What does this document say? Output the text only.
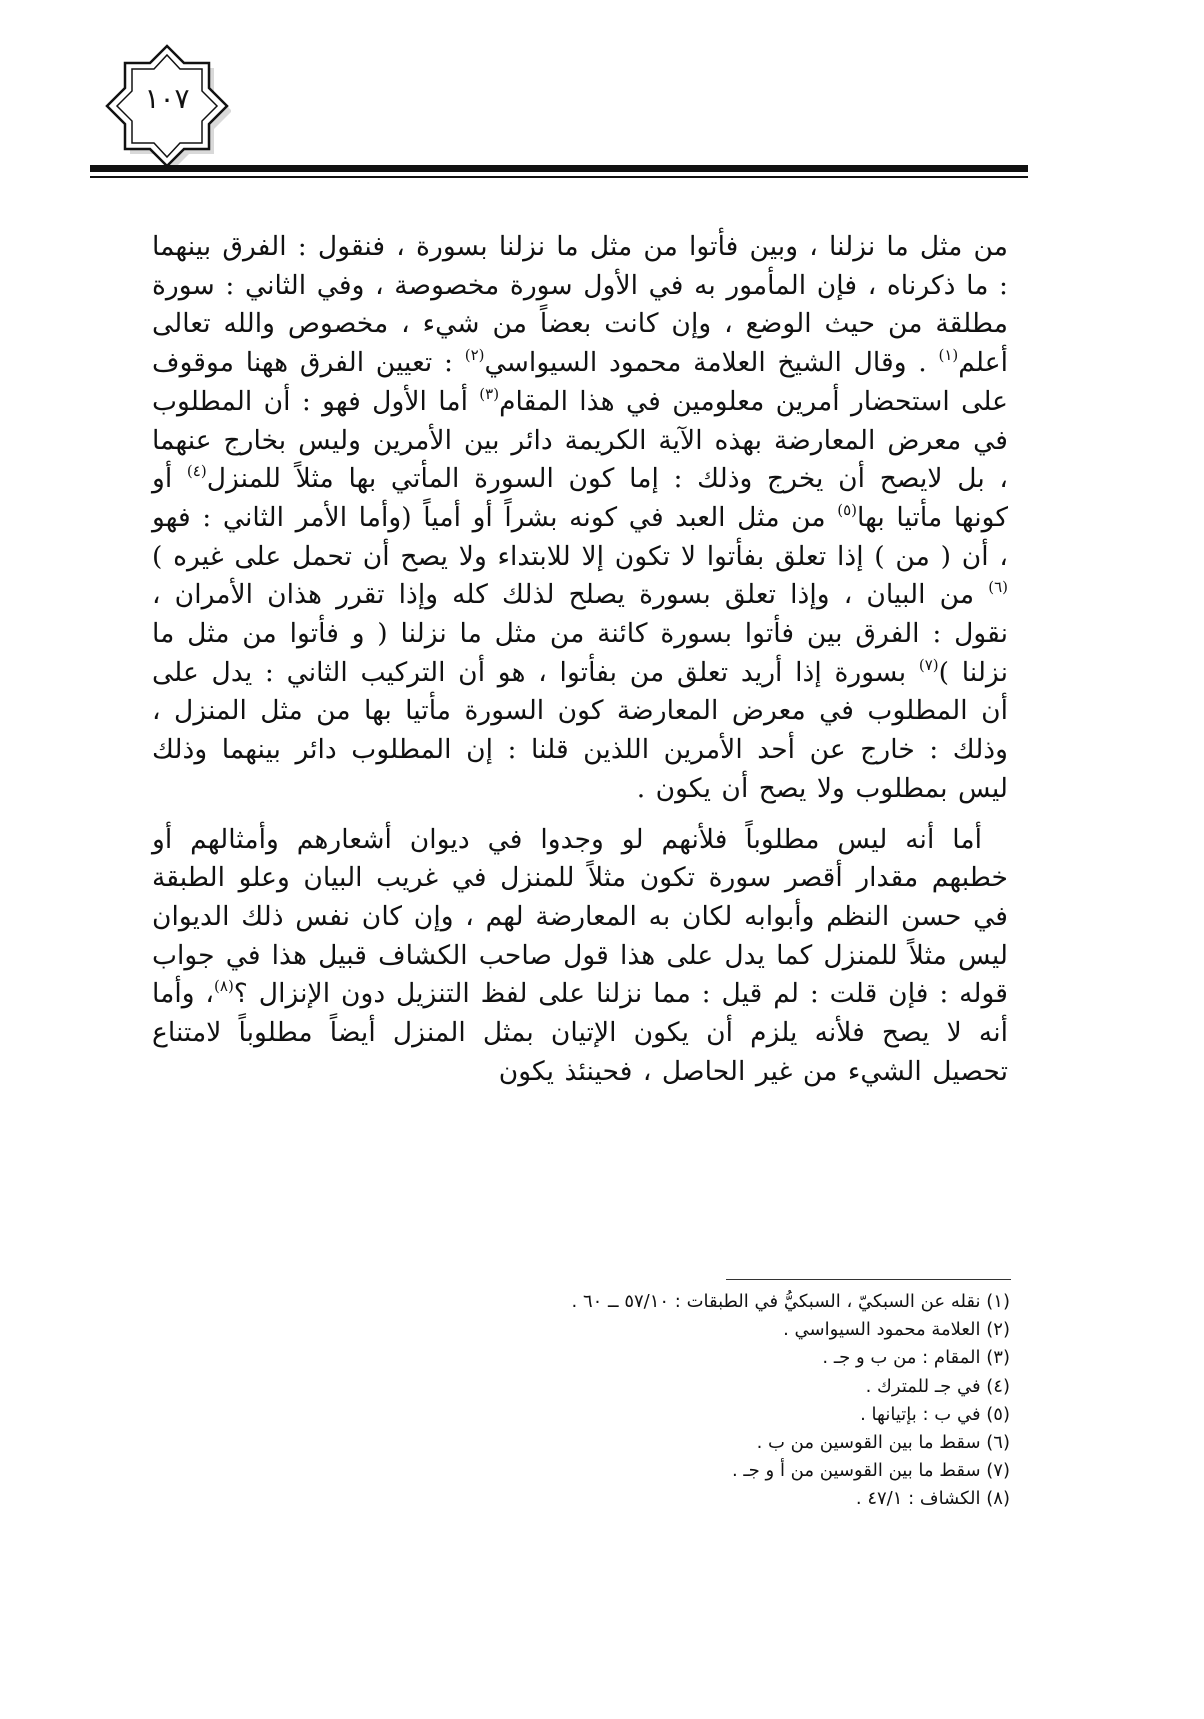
١٠٧

من مثل ما نزلنا ، وبين فأتوا من مثل ما نزلنا بسورة ، فنقول : الفرق بينهما : ما ذكرناه ، فإن المأمور به في الأول سورة مخصوصة ، وفي الثاني : سورة مطلقة من حيث الوضع ، وإن كانت بعضاً من شيء ، مخصوص والله تعالى أعلم$^{(١)}$ . وقال الشيخ العلامة محمود السيواسي$^{(٢)}$ : تعيين الفرق ههنا موقوف على استحضار أمرين معلومين في هذا المقام$^{(٣)}$ أما الأول فهو : أن المطلوب في معرض المعارضة بهذه الآية الكريمة دائر بين الأمرين وليس بخارج عنهما ، بل لايصح أن يخرج وذلك : إما كون السورة المأتي بها مثلاً للمنزل$^{(٤)}$ أو كونها مأتيا بها$^{(٥)}$ من مثل العبد في كونه بشراً أو أمياً (وأما الأمر الثاني : فهو ، أن ( من ) إذا تعلق بفأتوا لا تكون إلا للابتداء ولا يصح أن تحمل على غيره )$^{(٦)}$ من البيان ، وإذا تعلق بسورة يصلح لذلك كله وإذا تقرر هذان الأمران ، نقول : الفرق بين فأتوا بسورة كائنة من مثل ما نزلنا ( و فأتوا من مثل ما نزلنا )$^{(٧)}$ بسورة إذا أريد تعلق من بفأتوا ، هو أن التركيب الثاني : يدل على أن المطلوب في معرض المعارضة كون السورة مأتيا بها من مثل المنزل ، وذلك : خارج عن أحد الأمرين اللذين قلنا : إن المطلوب دائر بينهما وذلك ليس بمطلوب ولا يصح أن يكون .

أما أنه ليس مطلوباً فلأنهم لو وجدوا في ديوان أشعارهم وأمثالهم أو خطبهم مقدار أقصر سورة تكون مثلاً للمنزل في غريب البيان وعلو الطبقة في حسن النظم وأبوابه لكان به المعارضة لهم ، وإن كان نفس ذلك الديوان ليس مثلاً للمنزل كما يدل على هذا قول صاحب الكشاف قبيل هذا في جواب قوله : فإن قلت : لم قيل : مما نزلنا على لفظ التنزيل دون الإنزال ؟$^{(٨)}$، وأما أنه لا يصح فلأنه يلزم أن يكون الإتيان بمثل المنزل أيضاً مطلوباً لامتناع تحصيل الشيء من غير الحاصل ، فحينئذ يكون

(١) نقله عن السبكيّ ، السبكيُّ في الطبقات : ٥٧/١٠ ــ ٦٠ .
(٢) العلامة محمود السيواسي .
(٣) المقام : من ب و جـ .
(٤) في جـ للمترك .
(٥) في ب : بإتيانها .
(٦) سقط ما بين القوسين من ب .
(٧) سقط ما بين القوسين من أ و جـ .
(٨) الكشاف : ٤٧/١ .
